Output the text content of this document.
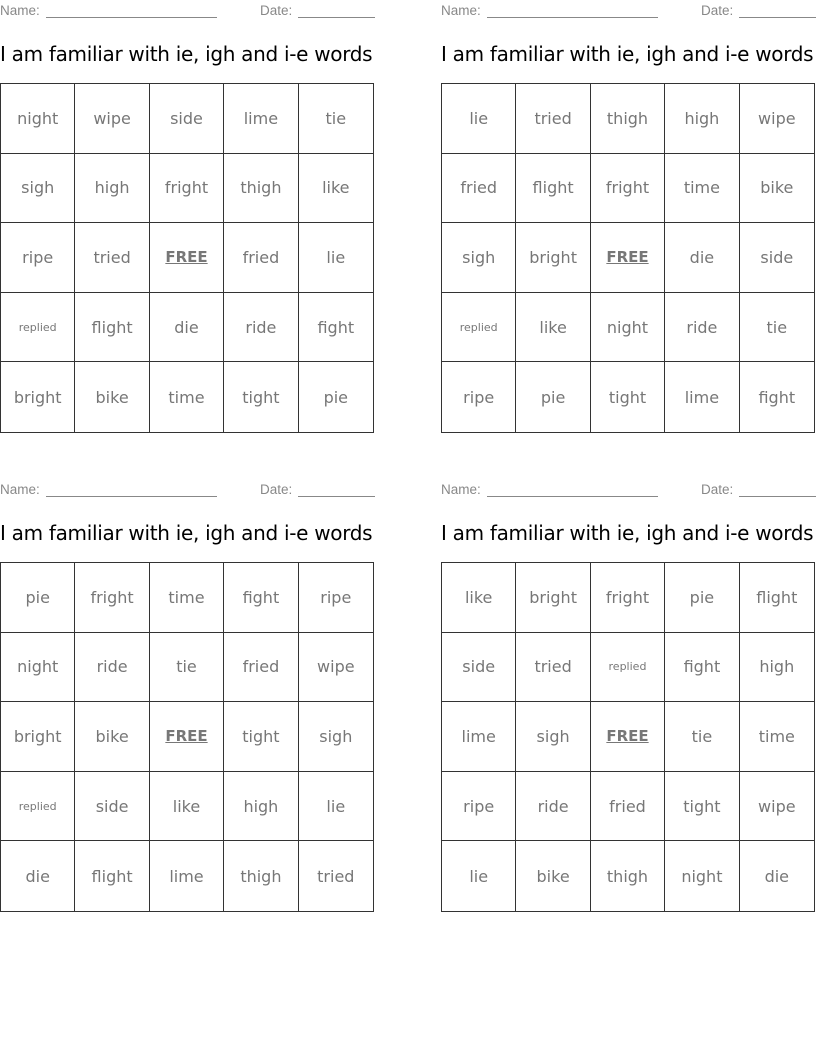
Name:	Date:
I am familiar with ie, igh and i-e words
night	wipe	side	lime	tie
sigh	high	fright	thigh	like
ripe	tried	FREE	fried	lie
replied	flight	die	ride	fight
bright	bike	time	tight	pie
Name:	Date:
I am familiar with ie, igh and i-e words
lie	tried	thigh	high	wipe
fried	flight	fright	time	bike
sigh	bright	FREE	die	side
replied	like	night	ride	tie
ripe	pie	tight	lime	fight
Name:	Date:
I am familiar with ie, igh and i-e words
pie	fright	time	fight	ripe
night	ride	tie	fried	wipe
bright	bike	FREE	tight	sigh
replied	side	like	high	lie
die	flight	lime	thigh	tried
Name:	Date:
I am familiar with ie, igh and i-e words
like	bright	fright	pie	flight
side	tried	replied	fight	high
lime	sigh	FREE	tie	time
ripe	ride	fried	tight	wipe
lie	bike	thigh	night	die
